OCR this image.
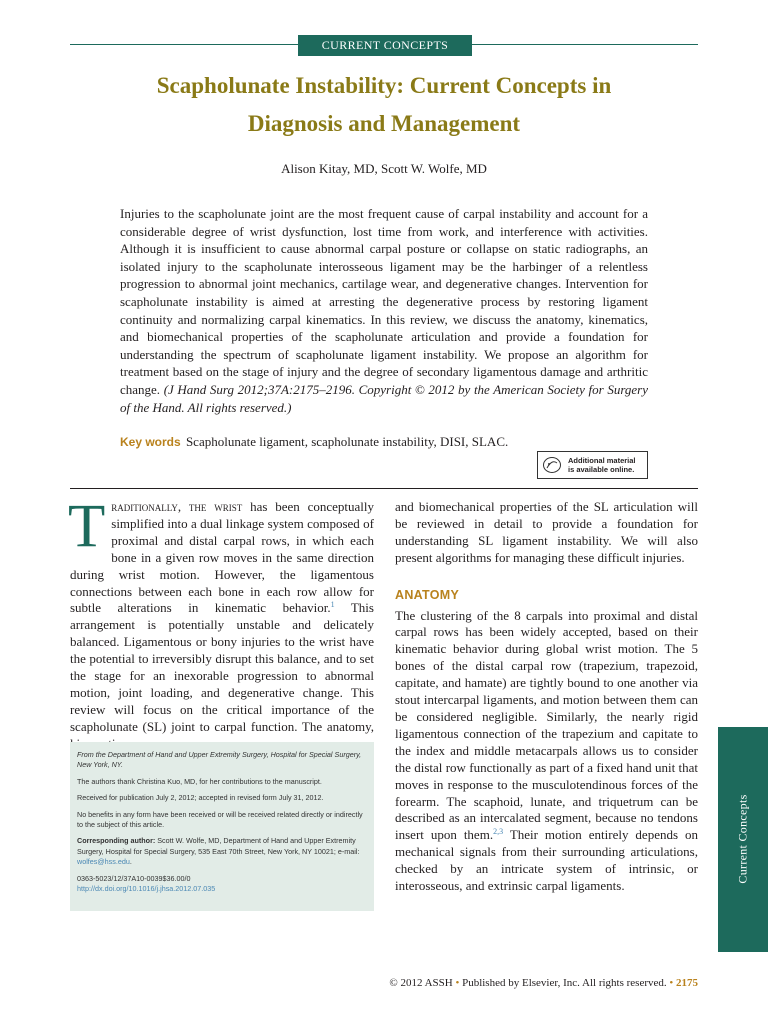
CURRENT CONCEPTS
Scapholunate Instability: Current Concepts in
Diagnosis and Management
Alison Kitay, MD, Scott W. Wolfe, MD
Injuries to the scapholunate joint are the most frequent cause of carpal instability and account for a considerable degree of wrist dysfunction, lost time from work, and interference with activities. Although it is insufficient to cause abnormal carpal posture or collapse on static radiographs, an isolated injury to the scapholunate interosseous ligament may be the harbinger of a relentless progression to abnormal joint mechanics, cartilage wear, and degenerative changes. Intervention for scapholunate instability is aimed at arresting the degenerative process by restoring ligament continuity and normalizing carpal kinematics. In this review, we discuss the anatomy, kinematics, and biomechanical properties of the scapholunate articulation and provide a foundation for understanding the spectrum of scapholunate ligament instability. We propose an algorithm for treatment based on the stage of injury and the degree of secondary ligamentous damage and arthritic change. (J Hand Surg 2012;37A:2175–2196. Copyright © 2012 by the American Society for Surgery of the Hand. All rights reserved.)
Key words Scapholunate ligament, scapholunate instability, DISI, SLAC.
Additional material
is available online.

Traditionally, the wrist has been conceptually simplified into a dual linkage system composed of proximal and distal carpal rows, in which each bone in a given row moves in the same direction during wrist motion. However, the ligamentous connections between each bone in each row allow for subtle alterations in kinematic behavior.$^1$ This arrangement is potentially unstable and delicately balanced. Ligamentous or bony injuries to the wrist have the potential to irreversibly disrupt this balance, and to set the stage for an inexorable progression to abnormal motion, joint loading, and degenerative change. This review will focus on the critical importance of the scapholunate (SL) joint to carpal function. The anatomy,

From the Department of Hand and Upper Extremity Surgery, Hospital for Special Surgery, New York, NY.

The authors thank Christina Kuo, MD, for her contributions to the manuscript.

Received for publication July 2, 2012; accepted in revised form July 31, 2012.

No benefits in any form have been received or will be received related directly or indirectly to the subject of this article.

Corresponding author: Scott W. Wolfe, MD, Department of Hand and Upper Extremity Surgery, Hospital for Special Surgery, 535 East 70th Street, New York, NY 10021; e-mail: wolfes@hss.edu.

0363-5023/12/37A10-0039$36.00/0
http://dx.doi.org/10.1016/j.jhsa.2012.07.035

and biomechanical properties of the SL articulation will be reviewed in detail to provide a foundation for understanding SL ligament instability. We will also present algorithms for managing these difficult injuries.

ANATOMY

The clustering of the 8 carpals into proximal and distal carpal rows has been widely accepted, based on their kinematic behavior during global wrist motion. The 5 bones of the distal carpal row (trapezium, trapezoid, capitate, and hamate) are tightly bound to one another via stout intercarpal ligaments, and motion between them can be considered negligible. Similarly, the nearly rigid ligamentous connection of the trapezium and capitate to the index and middle metacarpals allows us to consider the distal row functionally as part of a fixed hand unit that moves in response to the musculotendinous forces of the forearm. The scaphoid, lunate, and triquetrum can be described as an intercalated segment, because no tendons insert upon them.$^{2,3}$ Their motion entirely depends on mechanical signals from their surrounding articulations, checked by an intricate system of intrinsic, or interosseous, and extrinsic carpal ligaments.

Current Concepts
© 2012 ASSH • Published by Elsevier, Inc. All rights reserved. • 2175
